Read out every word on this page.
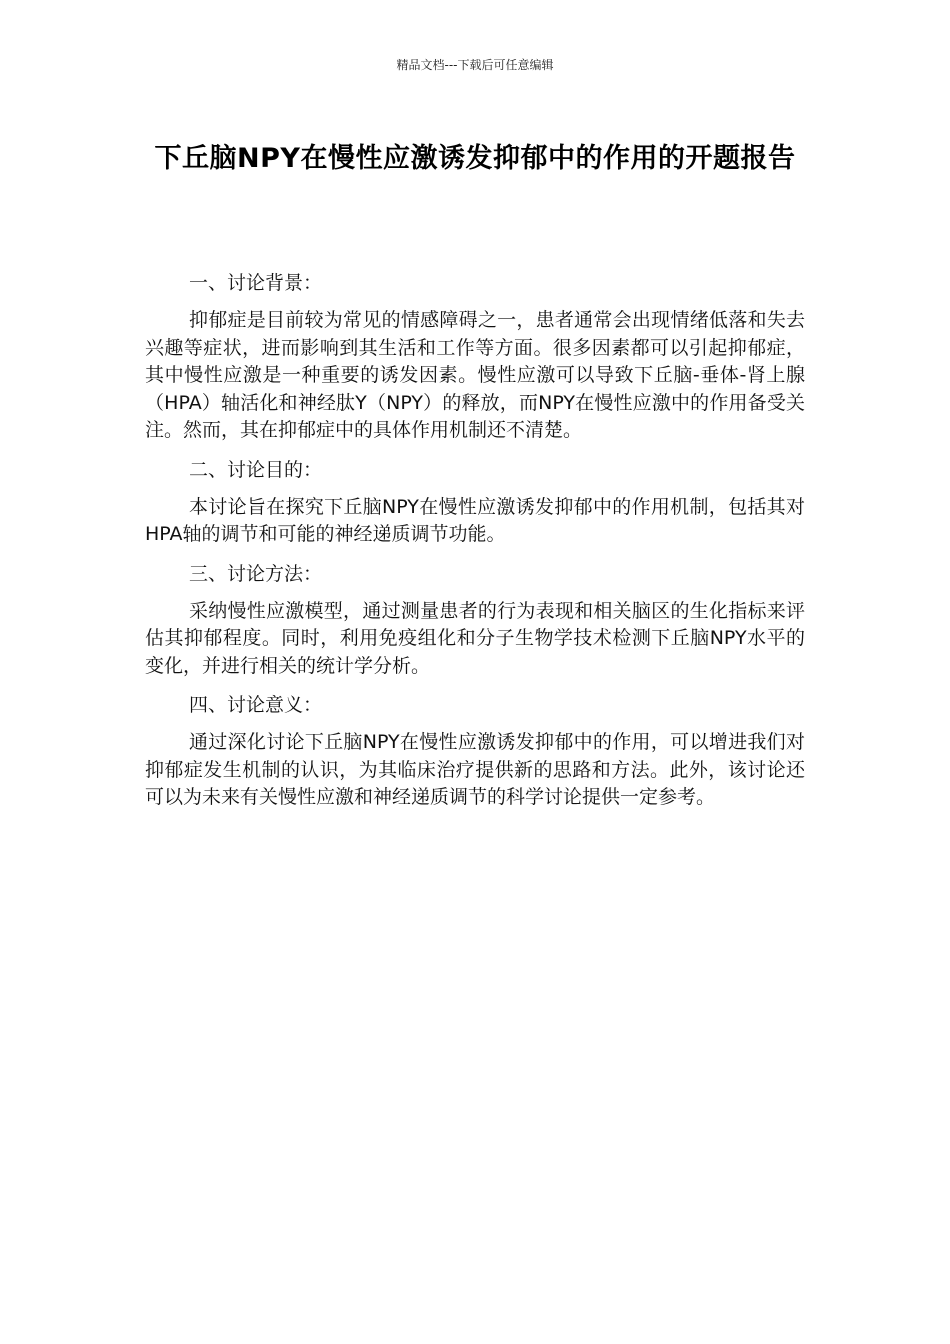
精品文档---下载后可任意编辑
下丘脑NPY在慢性应激诱发抑郁中的作用的开题报告

一、讨论背景：

抑郁症是目前较为常见的情感障碍之一，患者通常会出现情绪低落和失去兴趣等症状，进而影响到其生活和工作等方面。很多因素都可以引起抑郁症，其中慢性应激是一种重要的诱发因素。慢性应激可以导致下丘脑-垂体-肾上腺（HPA）轴活化和神经肽Y（NPY）的释放，而NPY在慢性应激中的作用备受关注。然而，其在抑郁症中的具体作用机制还不清楚。

二、讨论目的：

本讨论旨在探究下丘脑NPY在慢性应激诱发抑郁中的作用机制，包括其对HPA轴的调节和可能的神经递质调节功能。

三、讨论方法：

采纳慢性应激模型，通过测量患者的行为表现和相关脑区的生化指标来评估其抑郁程度。同时，利用免疫组化和分子生物学技术检测下丘脑NPY水平的变化，并进行相关的统计学分析。

四、讨论意义：

通过深化讨论下丘脑NPY在慢性应激诱发抑郁中的作用，可以增进我们对抑郁症发生机制的认识，为其临床治疗提供新的思路和方法。此外，该讨论还可以为未来有关慢性应激和神经递质调节的科学讨论提供一定参考。
